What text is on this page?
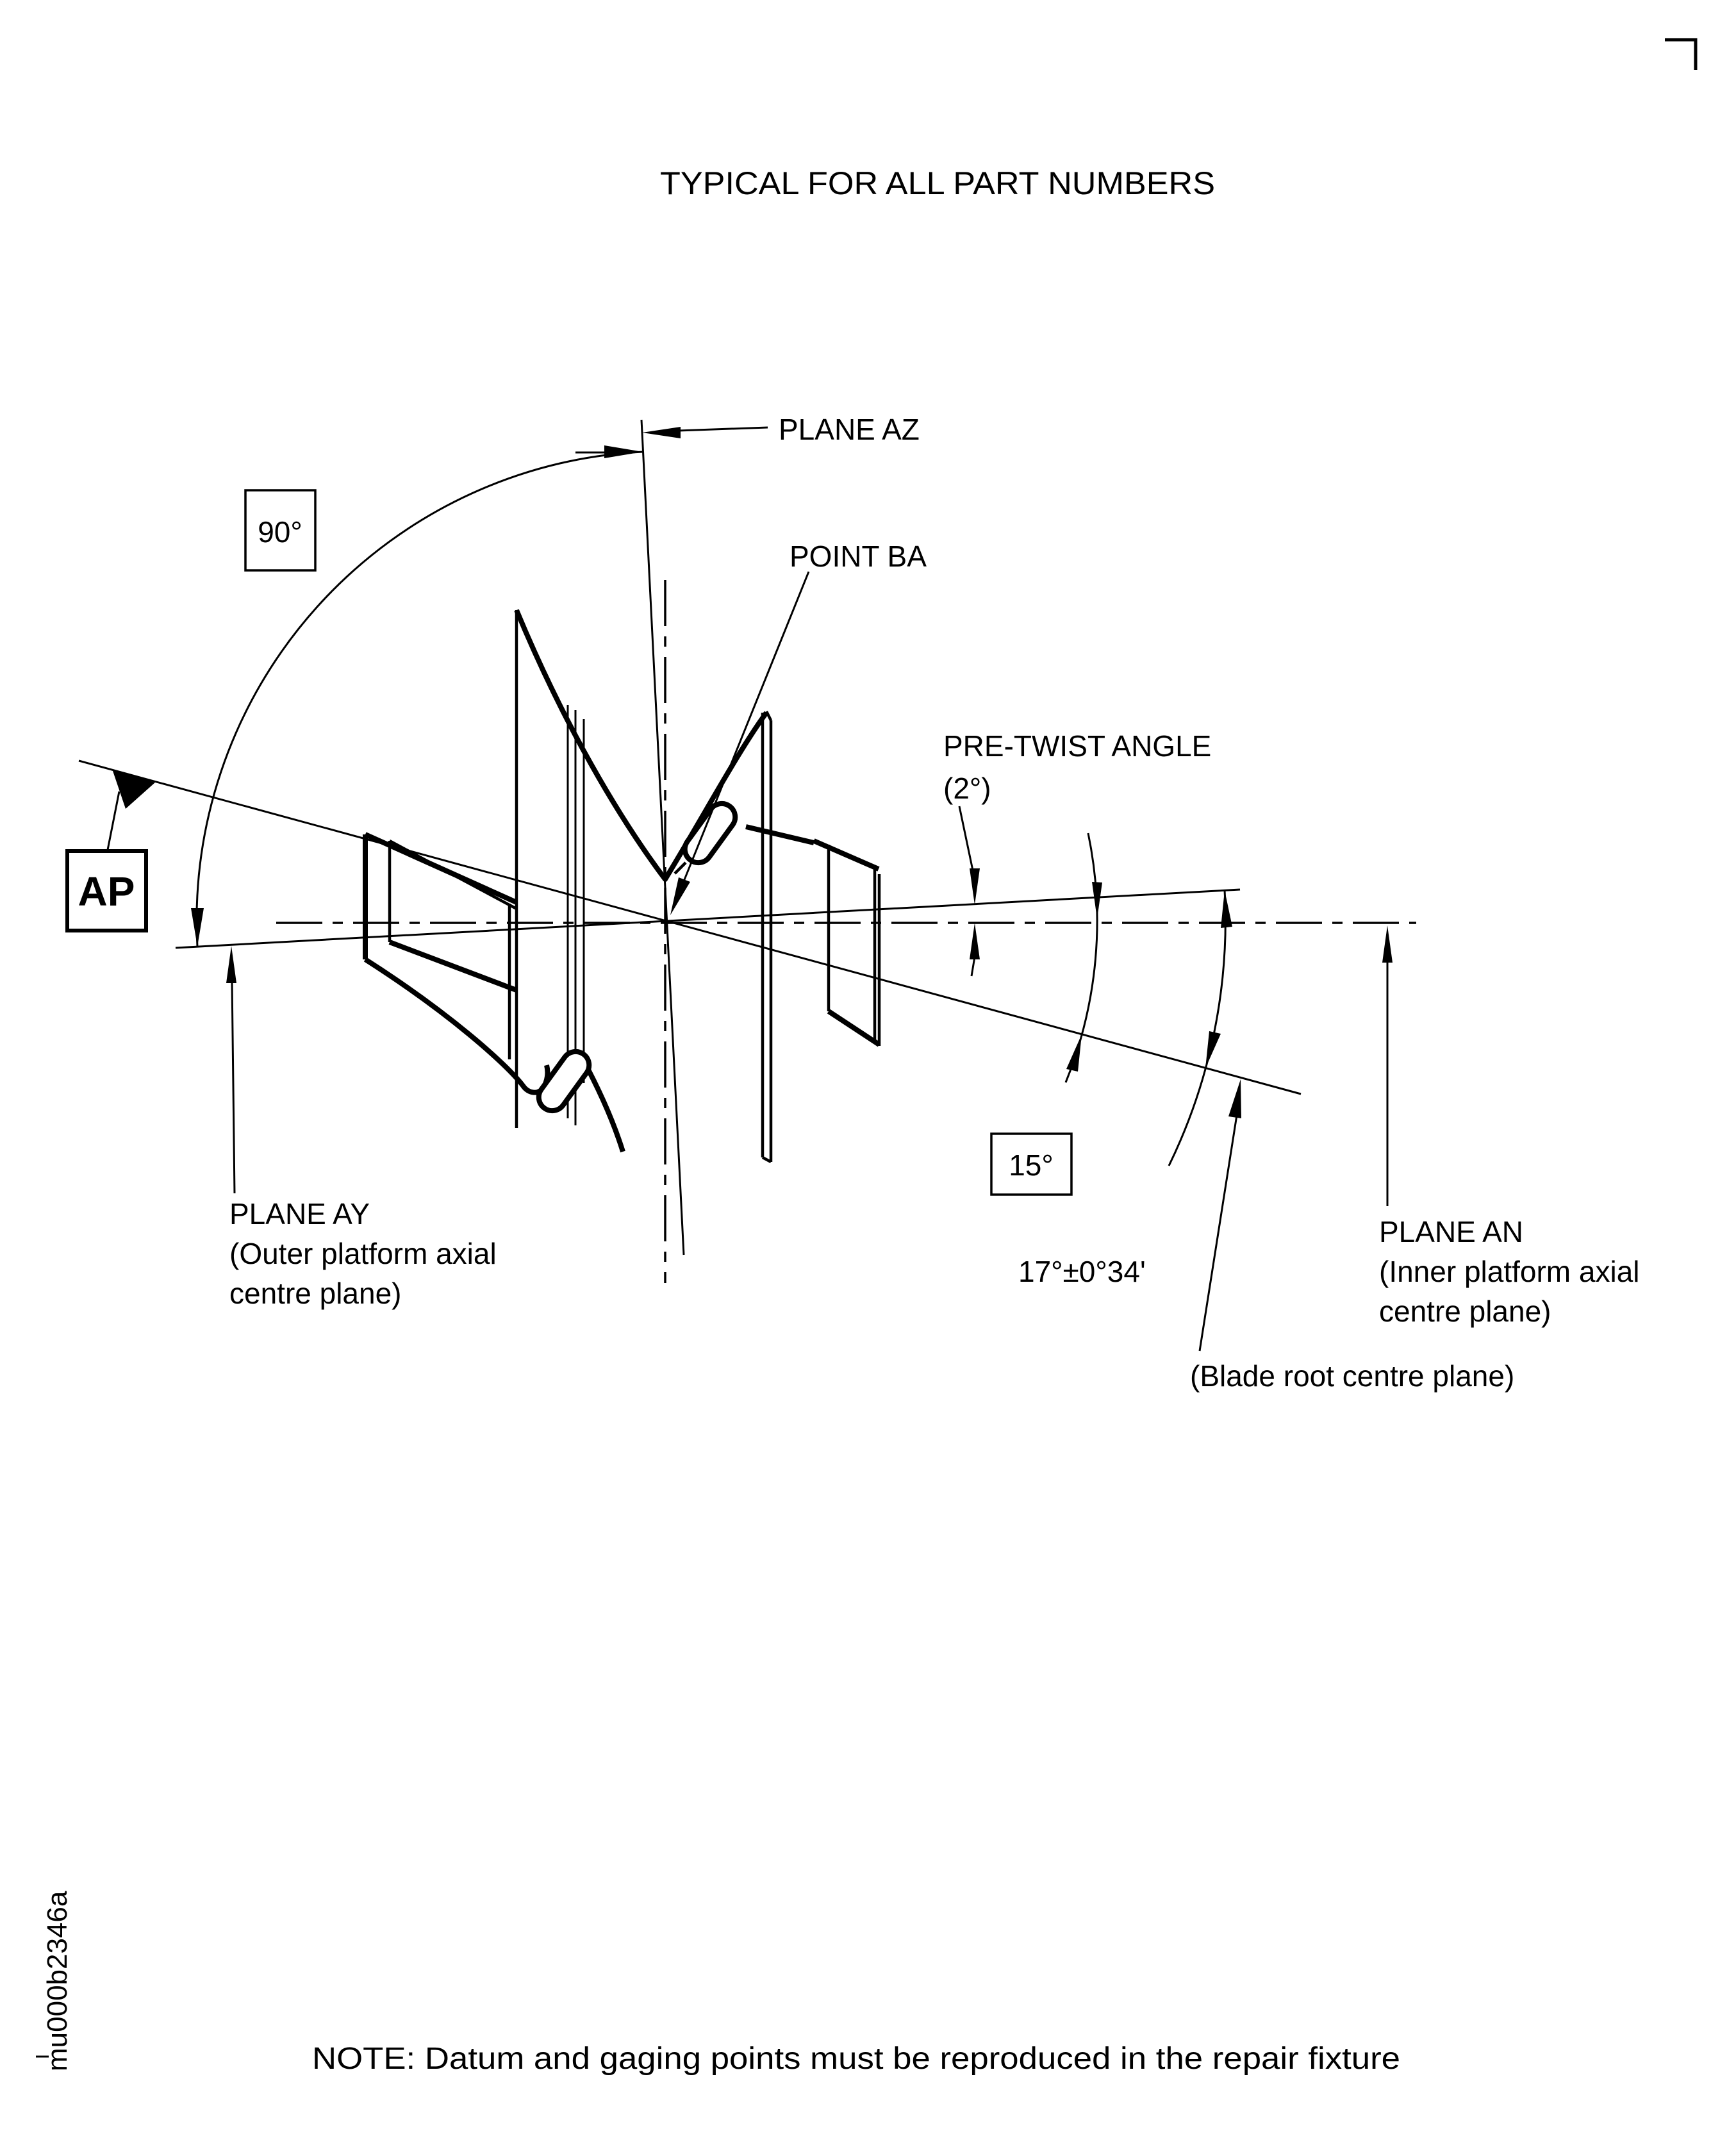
TYPICAL FOR ALL PART NUMBERS
PLANE AZ
POINT BA
90°
AP
PRE-TWIST ANGLE
(2°)
15°
17°±0°34'
PLANE AY
(Outer platform axial
centre plane)
PLANE AN
(Inner platform axial
centre plane)
(Blade root centre plane)
NOTE: Datum and gaging points must be reproduced in the repair fixture
mu000b2346a
